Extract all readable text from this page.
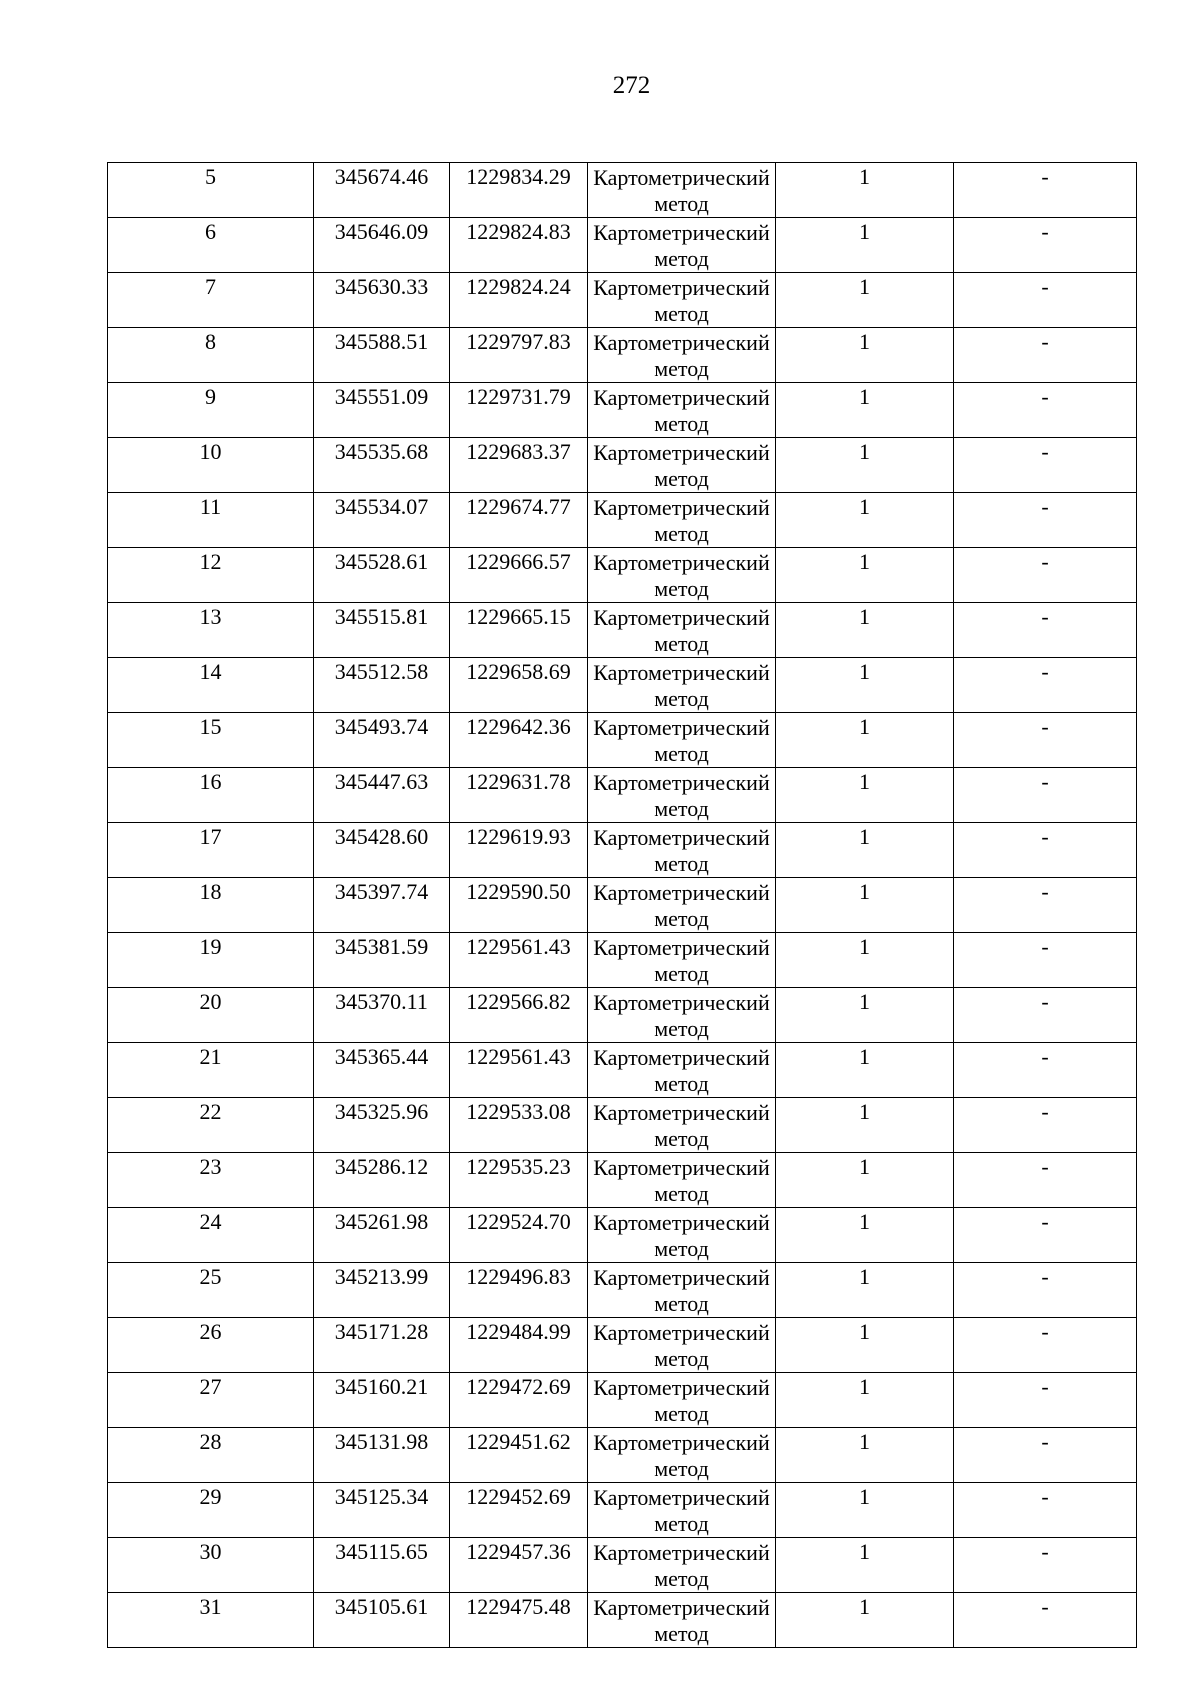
272
5	345674.46	1229834.29	Картометрический метод	1	-

6	345646.09	1229824.83	Картометрический метод	1	-

7	345630.33	1229824.24	Картометрический метод	1	-

8	345588.51	1229797.83	Картометрический метод	1	-

9	345551.09	1229731.79	Картометрический метод	1	-

10	345535.68	1229683.37	Картометрический метод	1	-

11	345534.07	1229674.77	Картометрический метод	1	-

12	345528.61	1229666.57	Картометрический метод	1	-

13	345515.81	1229665.15	Картометрический метод	1	-

14	345512.58	1229658.69	Картометрический метод	1	-

15	345493.74	1229642.36	Картометрический метод	1	-

16	345447.63	1229631.78	Картометрический метод	1	-

17	345428.60	1229619.93	Картометрический метод	1	-

18	345397.74	1229590.50	Картометрический метод	1	-

19	345381.59	1229561.43	Картометрический метод	1	-

20	345370.11	1229566.82	Картометрический метод	1	-

21	345365.44	1229561.43	Картометрический метод	1	-

22	345325.96	1229533.08	Картометрический метод	1	-

23	345286.12	1229535.23	Картометрический метод	1	-

24	345261.98	1229524.70	Картометрический метод	1	-

25	345213.99	1229496.83	Картометрический метод	1	-

26	345171.28	1229484.99	Картометрический метод	1	-

27	345160.21	1229472.69	Картометрический метод	1	-

28	345131.98	1229451.62	Картометрический метод	1	-

29	345125.34	1229452.69	Картометрический метод	1	-

30	345115.65	1229457.36	Картометрический метод	1	-

31	345105.61	1229475.48	Картометрический метод	1	-
